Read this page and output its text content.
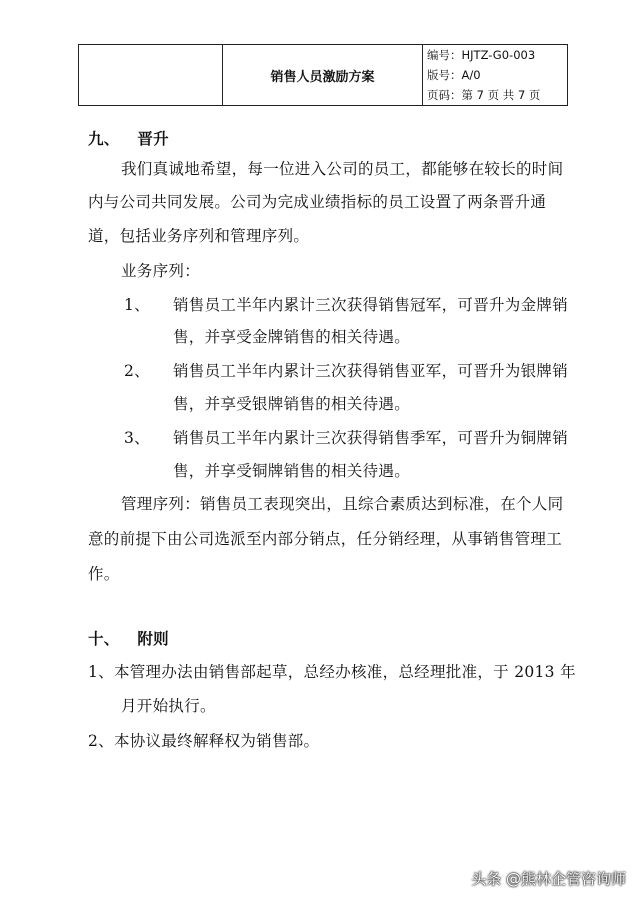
	销售人员激励方案	
编号：HJTZ-G0-003
版号：A/0
页码：第 7 页 共 7 页
九、 晋升
我们真诚地希望，每一位进入公司的员工，都能够在较长的时间
内与公司共同发展。公司为完成业绩指标的员工设置了两条晋升通
道，包括业务序列和管理序列。
业务序列：
1、 销售员工半年内累计三次获得销售冠军，可晋升为金牌销
售，并享受金牌销售的相关待遇。
2、 销售员工半年内累计三次获得销售亚军，可晋升为银牌销
售，并享受银牌销售的相关待遇。
3、 销售员工半年内累计三次获得销售季军，可晋升为铜牌销
售，并享受铜牌销售的相关待遇。
管理序列：销售员工表现突出，且综合素质达到标准，在个人同
意的前提下由公司选派至内部分销点，任分销经理，从事销售管理工
作。
十、 附则
1、本管理办法由销售部起草，总经办核准，总经理批准，于 2013 年
月开始执行。
2、本协议最终解释权为销售部。
头条 @熊林企管咨询师
